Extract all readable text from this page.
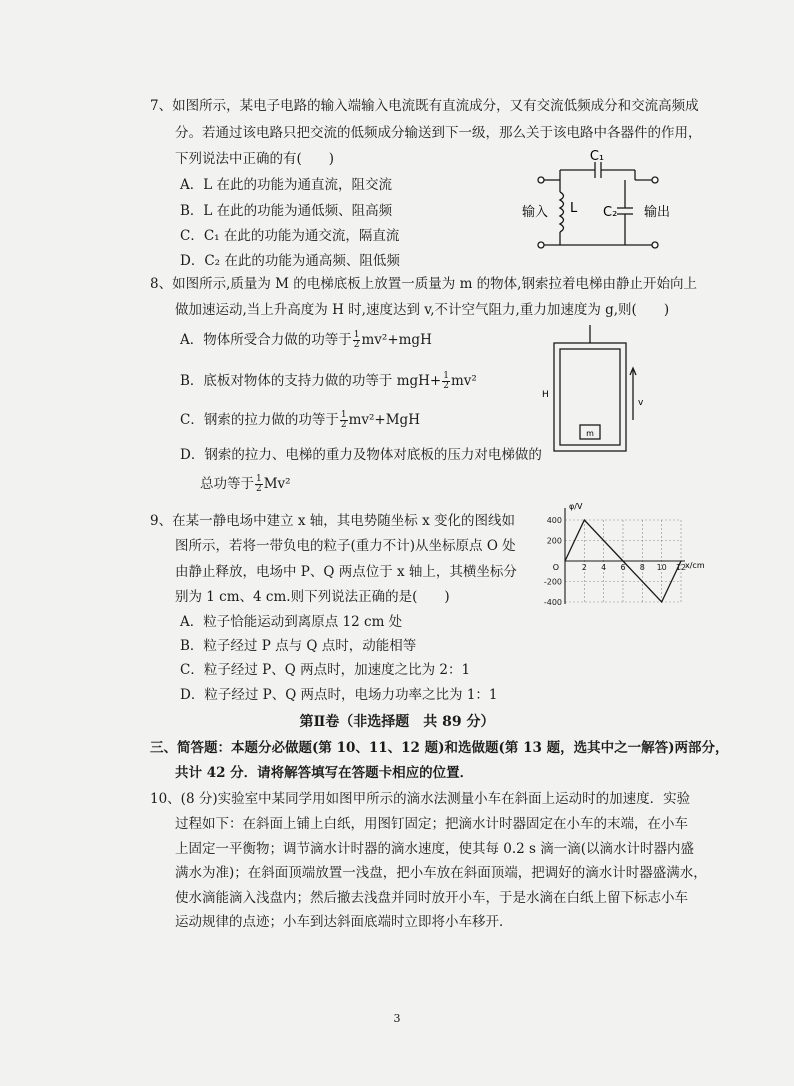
7、如图所示，某电子电路的输入端输入电流既有直流成分，又有交流低频成分和交流高频成
分。若通过该电路只把交流的低频成分输送到下一级，那么关于该电路中各器件的作用，
下列说法中正确的有(　　)
A．L 在此的功能为通直流，阻交流
B．L 在此的功能为通低频、阻高频
C．C₁ 在此的功能为通交流，隔直流
D．C₂ 在此的功能为通高频、阻低频
C₁
L C₂
输入	输出
8、如图所示,质量为 M 的电梯底板上放置一质量为 m 的物体,钢索拉着电梯由静止开始向上
做加速运动,当上升高度为 H 时,速度达到 v,不计空气阻力,重力加速度为 g,则(　　)
A．物体所受合力做的功等于 $\frac{1}{2} mv^2+mgH$
B．底板对物体的支持力做的功等于 $mgH+ \frac{1}{2} mv^2$
C．钢索的拉力做的功等于 $\frac{1}{2} mv^2+MgH$
D．钢索的拉力、电梯的重力及物体对底板的压力对电梯做的
总功等于 $\frac{1}{2} Mv^2$
H
v
m
9、在某一静电场中建立 x 轴，其电势随坐标 x 变化的图线如
图所示，若将一带负电的粒子(重力不计)从坐标原点 O 处
由静止释放，电场中 P、Q 两点位于 x 轴上，其横坐标分
别为 1 cm、4 cm.则下列说法正确的是(　　)
A．粒子恰能运动到离原点 12 cm 处
B．粒子经过 P 点与 Q 点时，动能相等
C．粒子经过 P、Q 两点时，加速度之比为 2：1
D．粒子经过 P、Q 两点时，电场力功率之比为 1：1
2 4 6 8 10 12
400
200
-200
-400
φ/V
x/cm
O
第Ⅱ卷（非选择题　共 89 分）
三、简答题：本题分必做题(第 10、11、12 题)和选做题(第 13 题，选其中之一解答)两部分，
共计 42 分．请将解答填写在答题卡相应的位置．
10、(8 分)实验室中某同学用如图甲所示的滴水法测量小车在斜面上运动时的加速度．实验
过程如下：在斜面上铺上白纸，用图钉固定；把滴水计时器固定在小车的末端，在小车
上固定一平衡物；调节滴水计时器的滴水速度，使其每 0.2 s 滴一滴(以滴水计时器内盛
满水为准)；在斜面顶端放置一浅盘，把小车放在斜面顶端，把调好的滴水计时器盛满水，
使水滴能滴入浅盘内；然后撤去浅盘并同时放开小车，于是水滴在白纸上留下标志小车
运动规律的点迹；小车到达斜面底端时立即将小车移开．
3
